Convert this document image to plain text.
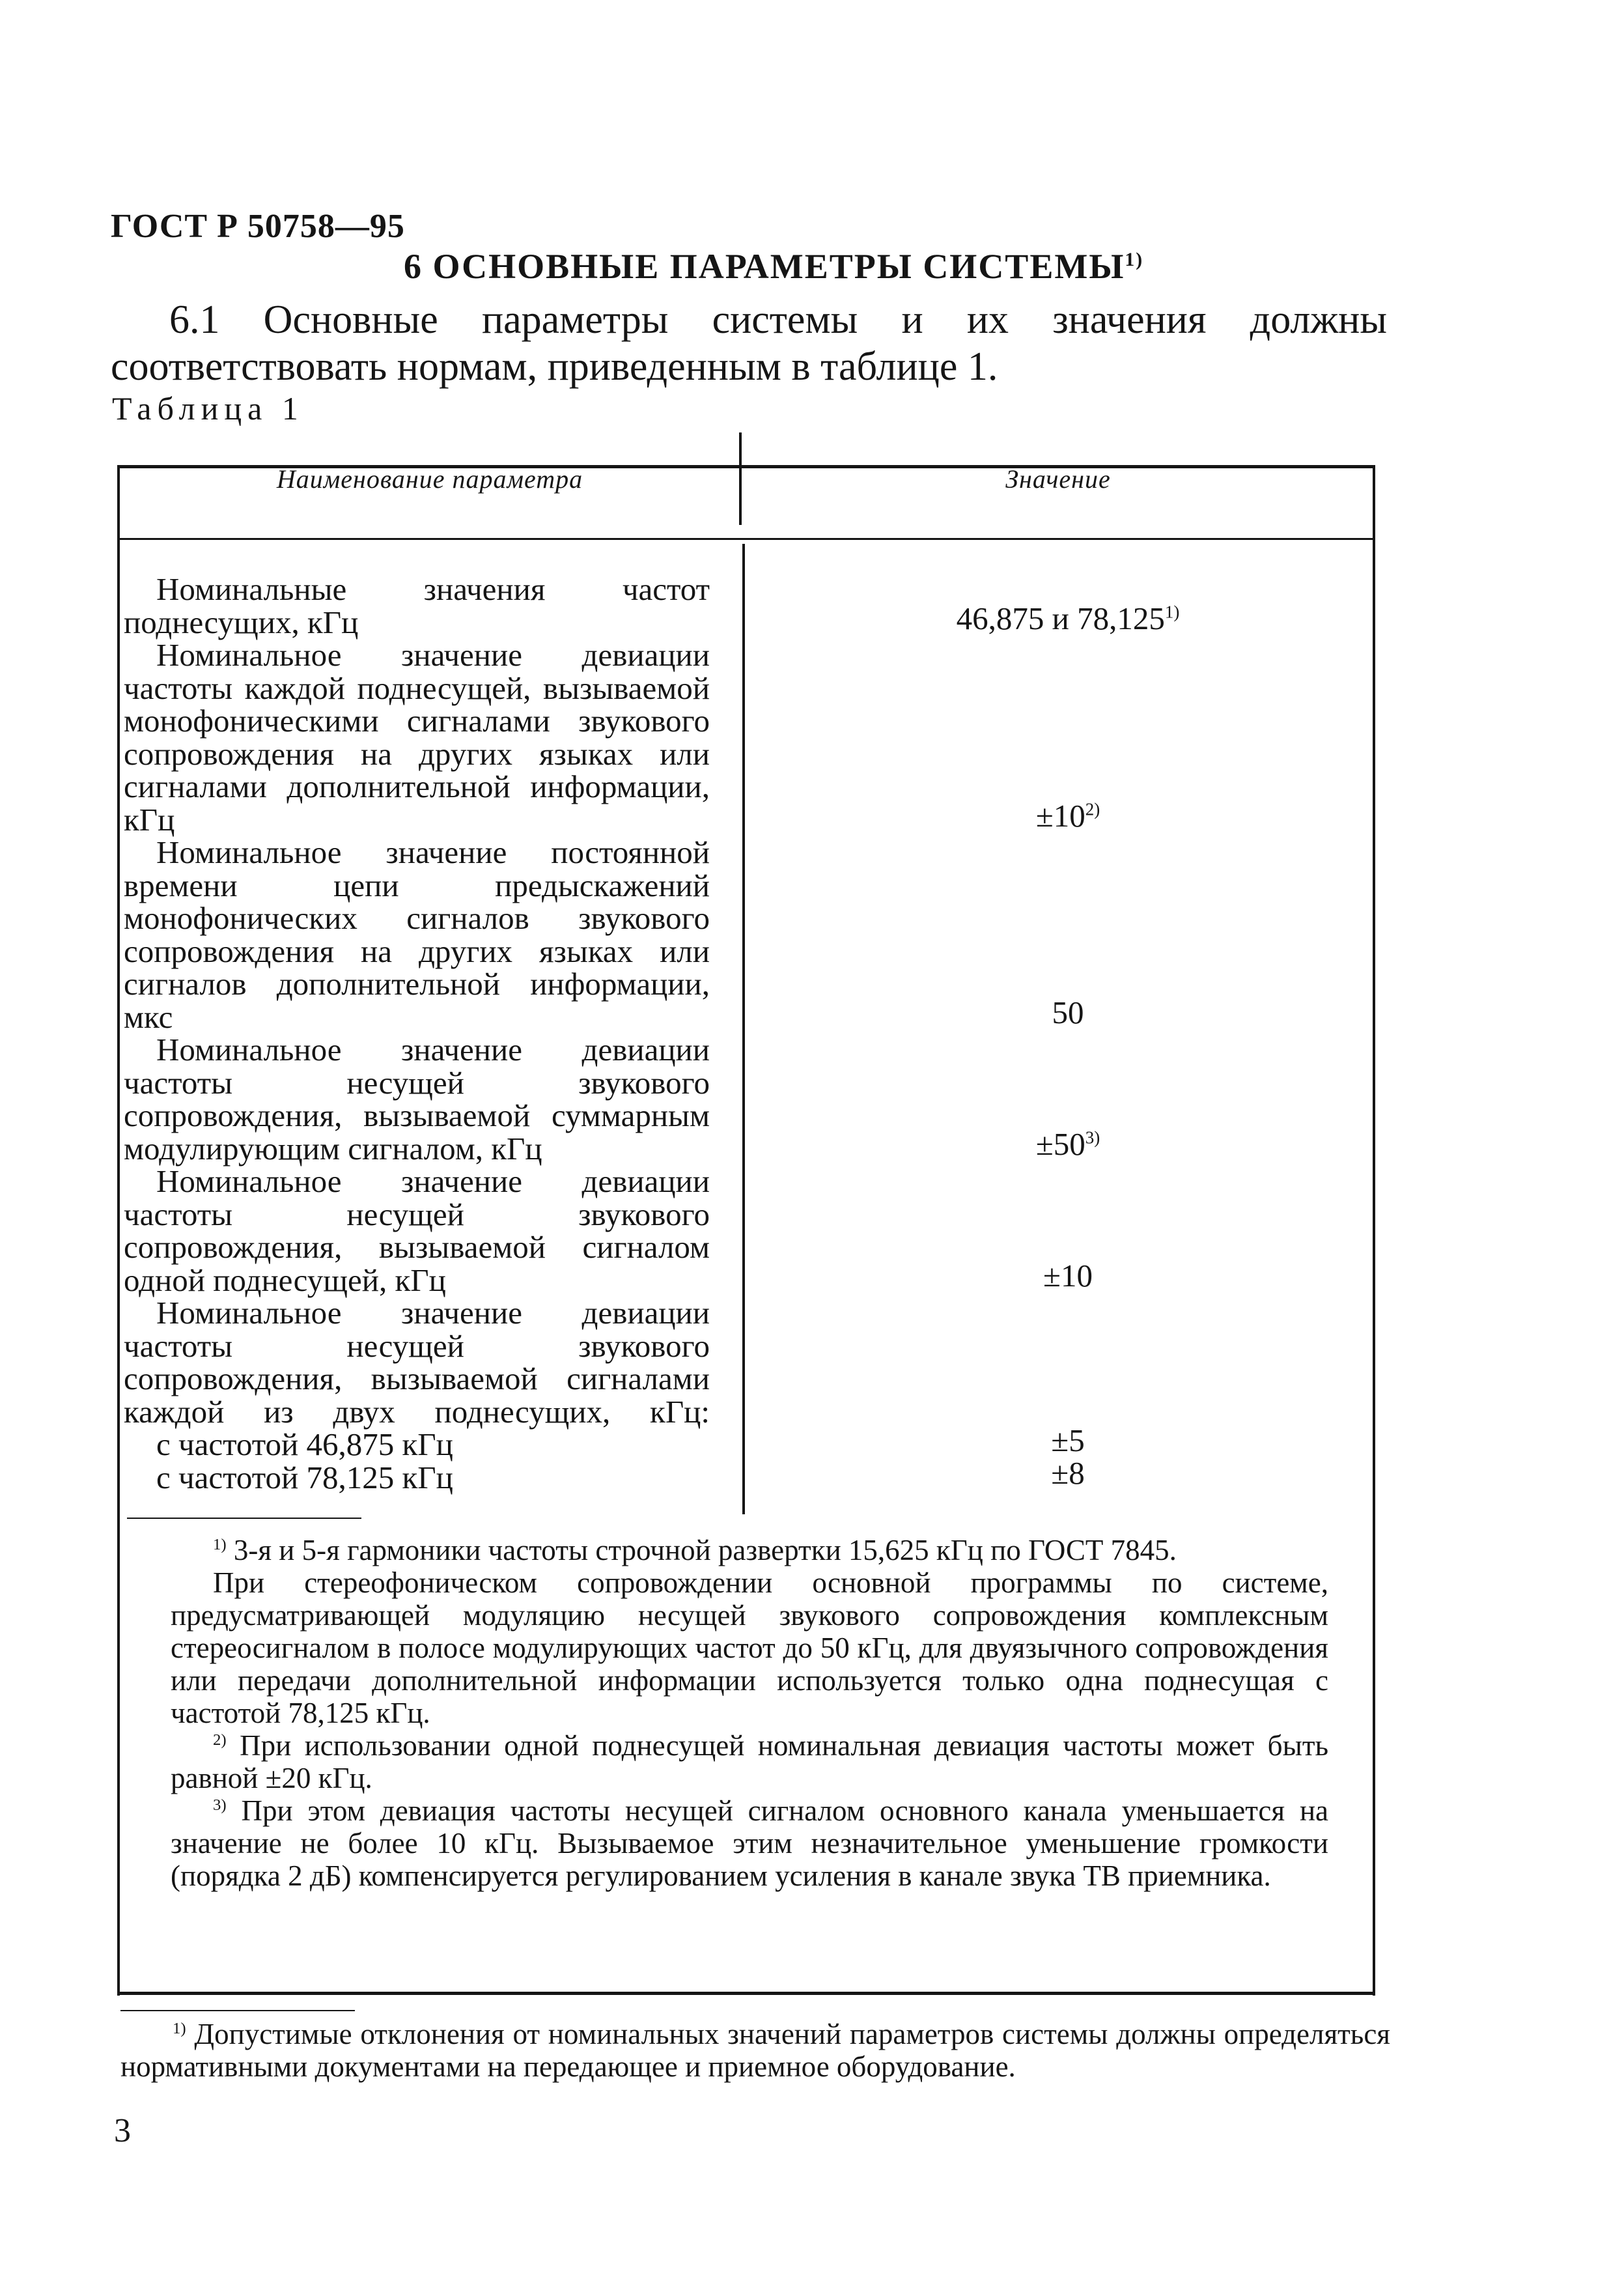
ГОСТ Р 50758—95
6 ОСНОВНЫЕ ПАРАМЕТРЫ СИСТЕМЫ$^{1)}$
6.1 Основные параметры системы и их значения должны соответствовать нормам, приведенным в таблице 1.
Таблица 1
Наименование параметра	Значение

Номинальные значения частот поднесущих, кГц

Номинальное значение девиации частоты каждой поднесущей, вызываемой монофоническими сигналами звукового сопровождения на других языках или сигналами дополнительной информации, кГц

Номинальное значение постоянной времени цепи предыскажений монофонических сигналов звукового сопровождения на других языках или сигналов дополнительной информации, мкс

Номинальное значение девиации частоты несущей звукового сопровождения, вызываемой суммарным модулирующим сигналом, кГц

Номинальное значение девиации частоты несущей звукового сопровождения, вызываемой сигналом одной поднесущей, кГц

Номинальное значение девиации частоты несущей звукового сопровождения, вызываемой сигналами каждой из двух поднесущих, кГц:

с частотой 46,875 кГц
с частотой 78,125 кГц
46,875 и $78,125^{1)}$
$\pm 10^{2)}$
50
$\pm 50^{3)}$
±10
±5
±8

$^{1)}$ 3-я и 5-я гармоники частоты строчной развертки 15,625 кГц по ГОСТ 7845.

При стереофоническом сопровождении основной программы по системе, предусматривающей модуляцию несущей звукового сопровождения комплексным стереосигналом в полосе модулирующих частот до 50 кГц, для двуязычного сопровождения или передачи дополнительной информации используется только одна поднесущая с частотой 78,125 кГц.

$^{2)}$ При использовании одной поднесущей номинальная девиация частоты может быть равной ±20 кГц.

$^{3)}$ При этом девиация частоты несущей сигналом основного канала уменьшается на значение не более 10 кГц. Вызываемое этим незначительное уменьшение громкости (порядка 2 дБ) компенсируется регулированием усиления в канале звука ТВ приемника.

$^{1)}$ Допустимые отклонения от номинальных значений параметров системы должны определяться нормативными документами на передающее и приемное оборудование.

3
